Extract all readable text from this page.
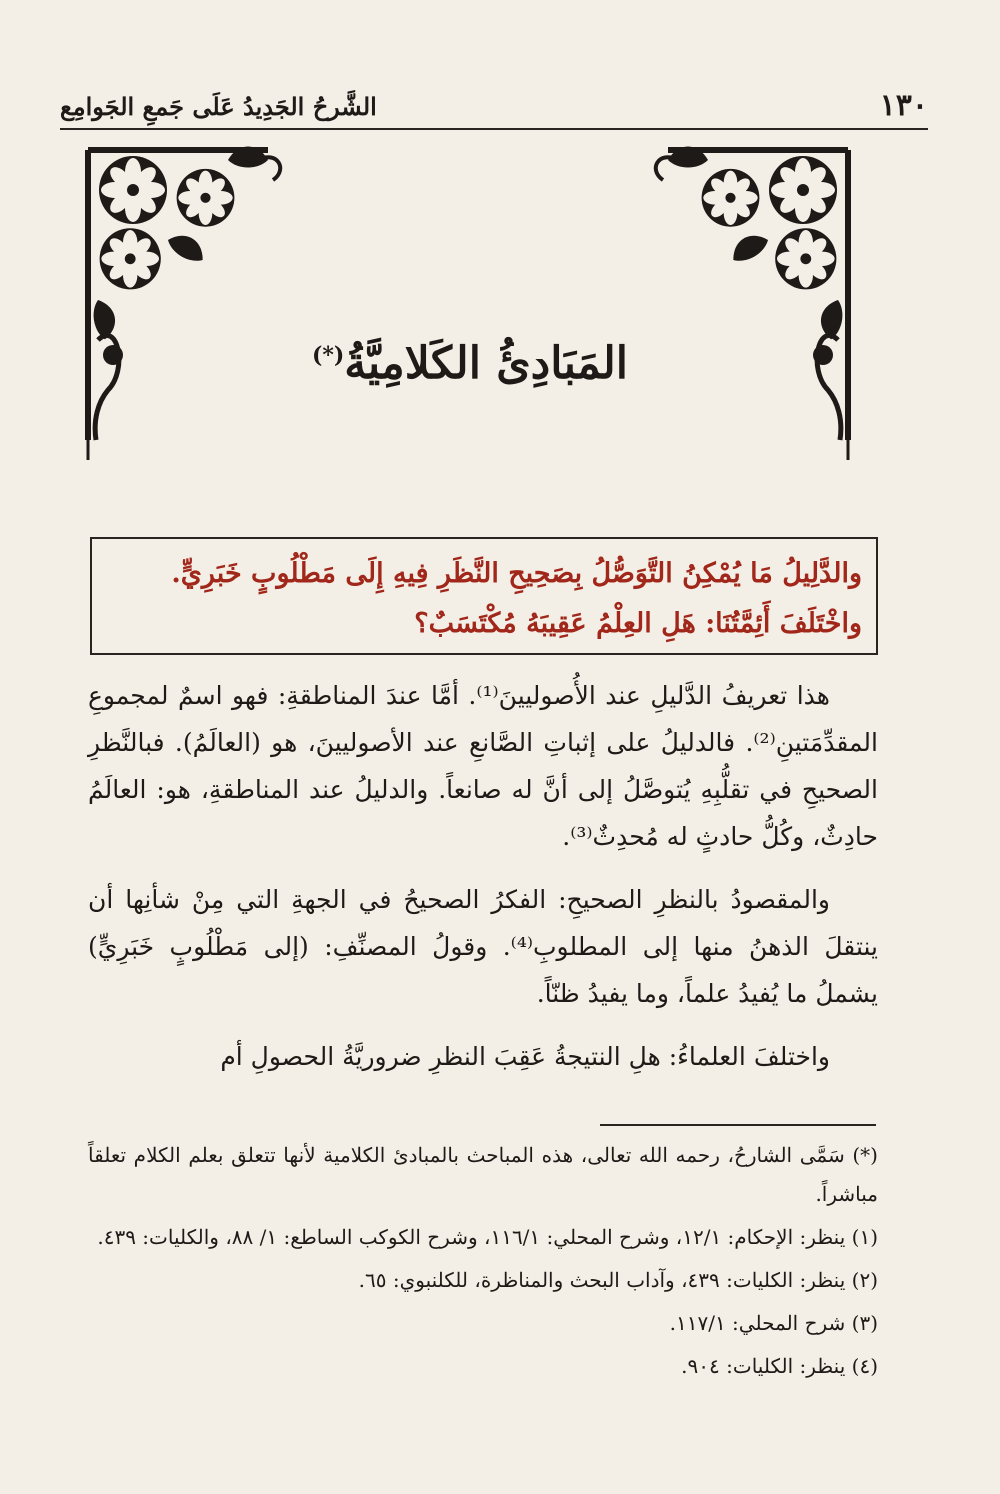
١٣٠
الشَّرحُ الجَدِيدُ عَلَى جَمعِ الجَوامِع
المَبَادِئُ الكَلامِيَّةُ(*)
والدَّلِيلُ مَا يُمْكِنُ التَّوَصُّلُ بِصَحِيحِ النَّظَرِ فِيهِ إِلَى مَطْلُوبٍ خَبَرِيٍّ.
واخْتَلَفَ أَئِمَّتُنَا: هَلِ العِلْمُ عَقِيبَهُ مُكْتَسَبٌ؟

هذا تعريفُ الدَّليلِ عند الأُصوليينَ⁽¹⁾. أمَّا عندَ المناطقةِ: فهو اسمٌ لمجموعِ المقدِّمَتينِ⁽²⁾. فالدليلُ على إثباتِ الصَّانعِ عند الأصوليينَ، هو (العالَمُ). فبالنَّظرِ الصحيحِ في تقلُّبِهِ يُتوصَّلُ إلى أنَّ له صانعاً. والدليلُ عند المناطقةِ، هو: العالَمُ حادِثٌ، وكُلُّ حادثٍ له مُحدِثٌ⁽³⁾.

والمقصودُ بالنظرِ الصحيحِ: الفكرُ الصحيحُ في الجهةِ التي مِنْ شأنِها أن ينتقلَ الذهنُ منها إلى المطلوبِ⁽⁴⁾. وقولُ المصنِّفِ: (إلى مَطْلُوبٍ خَبَرِيٍّ) يشملُ ما يُفيدُ علماً، وما يفيدُ ظنّاً.

واختلفَ العلماءُ: هلِ النتيجةُ عَقِبَ النظرِ ضروريَّةُ الحصولِ أم

(*) سَمَّى الشارحُ، رحمه الله تعالى، هذه المباحث بالمبادئ الكلامية لأنها تتعلق بعلم الكلام تعلقاً مباشراً.

(١) ينظر: الإحكام: ١٢/١، وشرح المحلي: ١١٦/١، وشرح الكوكب الساطع: ١/ ٨٨، والكليات: ٤٣٩.

(٢) ينظر: الكليات: ٤٣٩، وآداب البحث والمناظرة، للكلنبوي: ٦٥.

(٣) شرح المحلي: ١١٧/١.

(٤) ينظر: الكليات: ٩٠٤.
